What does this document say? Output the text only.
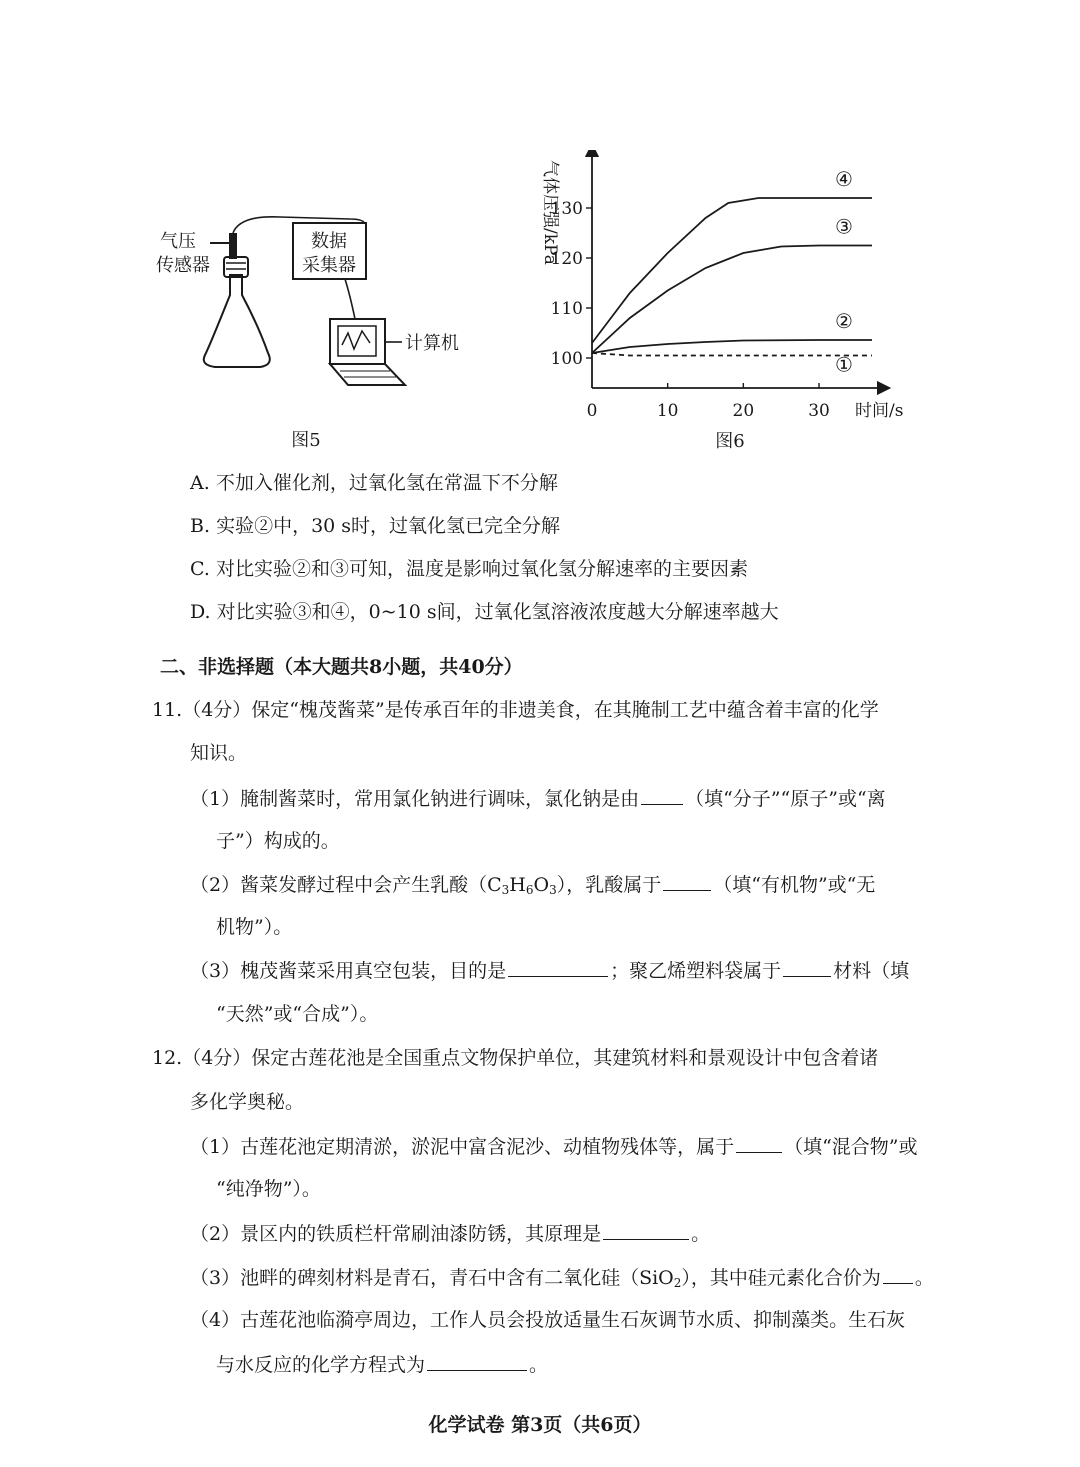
数据
采集器
计算机
气压
传感器
图5
0	10	20	30
100
110
120
130
①
②
③
④
气体压强/kPa
时间/s
图6
A. 不加入催化剂，过氧化氢在常温下不分解
B. 实验②中，30 s时，过氧化氢已完全分解
C. 对比实验②和③可知，温度是影响过氧化氢分解速率的主要因素
D. 对比实验③和④，0~10 s间，过氧化氢溶液浓度越大分解速率越大
二、非选择题（本大题共8小题，共40分）
11.（4分）保定“槐茂酱菜”是传承百年的非遗美食，在其腌制工艺中蕴含着丰富的化学
知识。
（1）腌制酱菜时，常用氯化钠进行调味，氯化钠是由 （填“分子”“原子”或“离
子”）构成的。
（2）酱菜发酵过程中会产生乳酸$(C_3H_6O_3)$，乳酸属于	（填“有机物”或“无
机物”）。
（3）槐茂酱菜采用真空包装，目的是	；聚乙烯塑料袋属于	材料（填
“天然”或“合成”）。
12.（4分）保定古莲花池是全国重点文物保护单位，其建筑材料和景观设计中包含着诸
多化学奥秘。
（1）古莲花池定期清淤，淤泥中富含泥沙、动植物残体等，属于	（填“混合物”或
“纯净物”）。
（2）景区内的铁质栏杆常刷油漆防锈，其原理是	。
（3）池畔的碑刻材料是青石，青石中含有二氧化硅（SiO$_2$），其中硅元素化合价为 。
（4）古莲花池临漪亭周边，工作人员会投放适量生石灰调节水质、抑制藻类。生石灰
与水反应的化学方程式为	。
化学试卷 第3页（共6页）
